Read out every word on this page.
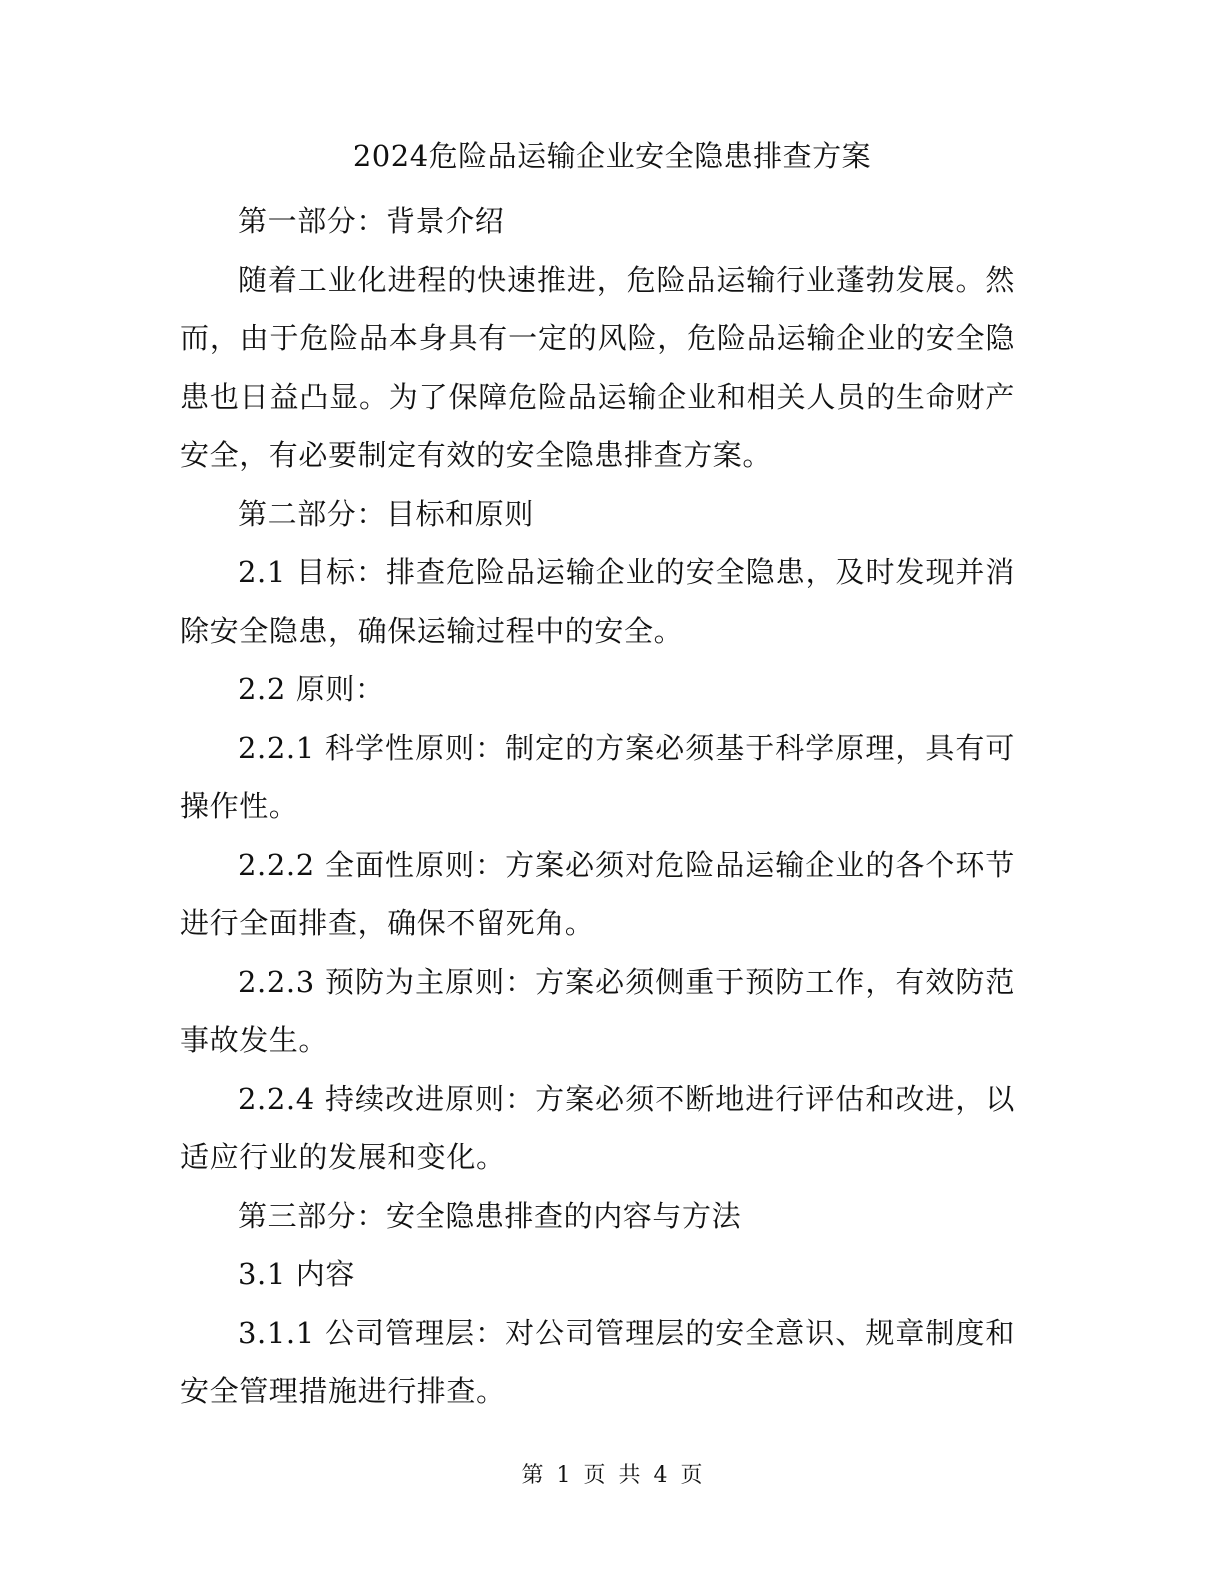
2024危险品运输企业安全隐患排查方案

第一部分：背景介绍

随着工业化进程的快速推进，危险品运输行业蓬勃发展。然而，由于危险品本身具有一定的风险，危险品运输企业的安全隐患也日益凸显。为了保障危险品运输企业和相关人员的生命财产安全，有必要制定有效的安全隐患排查方案。

第二部分：目标和原则

2.1 目标：排查危险品运输企业的安全隐患，及时发现并消除安全隐患，确保运输过程中的安全。

2.2 原则：

2.2.1 科学性原则：制定的方案必须基于科学原理，具有可操作性。

2.2.2 全面性原则：方案必须对危险品运输企业的各个环节进行全面排查，确保不留死角。

2.2.3 预防为主原则：方案必须侧重于预防工作，有效防范事故发生。

2.2.4 持续改进原则：方案必须不断地进行评估和改进，以适应行业的发展和变化。

第三部分：安全隐患排查的内容与方法

3.1 内容

3.1.1 公司管理层：对公司管理层的安全意识、规章制度和安全管理措施进行排查。

第 1 页 共 4 页
